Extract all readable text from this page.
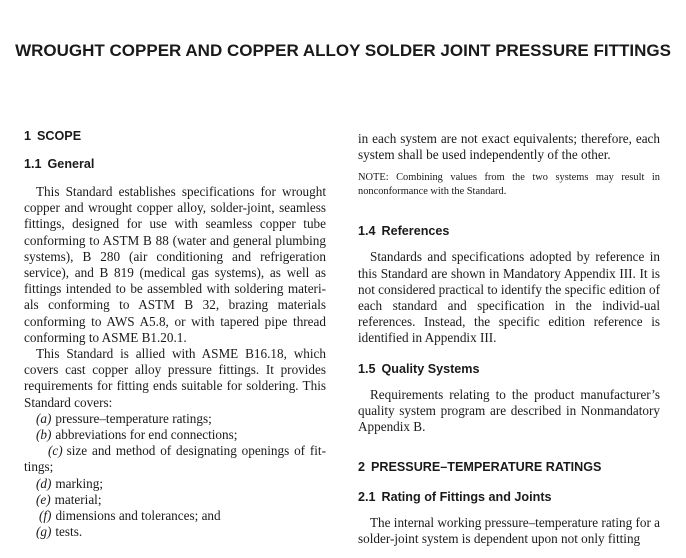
WROUGHT COPPER AND COPPER ALLOY SOLDER JOINT PRESSURE FITTINGS
1 SCOPE
1.1 General

This Standard establishes specifications for wrought copper and wrought copper alloy, solder-joint, seamless fittings, designed for use with seamless copper tube conforming to ASTM B 88 (water and general plumbing systems), B 280 (air conditioning and refrigeration service), and B 819 (medical gas systems), as well as fittings intended to be assembled with soldering materi-als conforming to ASTM B 32, brazing materials conforming to AWS A5.8, or with tapered pipe thread conforming to ASME B1.20.1.

This Standard is allied with ASME B16.18, which covers cast copper alloy pressure fittings. It provides requirements for fitting ends suitable for soldering. This Standard covers:

(a) pressure–temperature ratings;
(b) abbreviations for end connections;
(c) size and method of designating openings of fit-tings;
(d) marking;
(e) material;
(f) dimensions and tolerances; and
(g) tests.

in each system are not exact equivalents; therefore, each system shall be used independently of the other.

NOTE: Combining values from the two systems may result in nonconformance with the Standard.

1.4 References

Standards and specifications adopted by reference in this Standard are shown in Mandatory Appendix III. It is not considered practical to identify the specific edition of each standard and specification in the individ-ual references. Instead, the specific edition reference is identified in Appendix III.

1.5 Quality Systems

Requirements relating to the product manufacturer’s quality system program are described in Nonmandatory Appendix B.

2 PRESSURE–TEMPERATURE RATINGS
2.1 Rating of Fittings and Joints

The internal working pressure–temperature rating for a solder-joint system is dependent upon not only fitting
